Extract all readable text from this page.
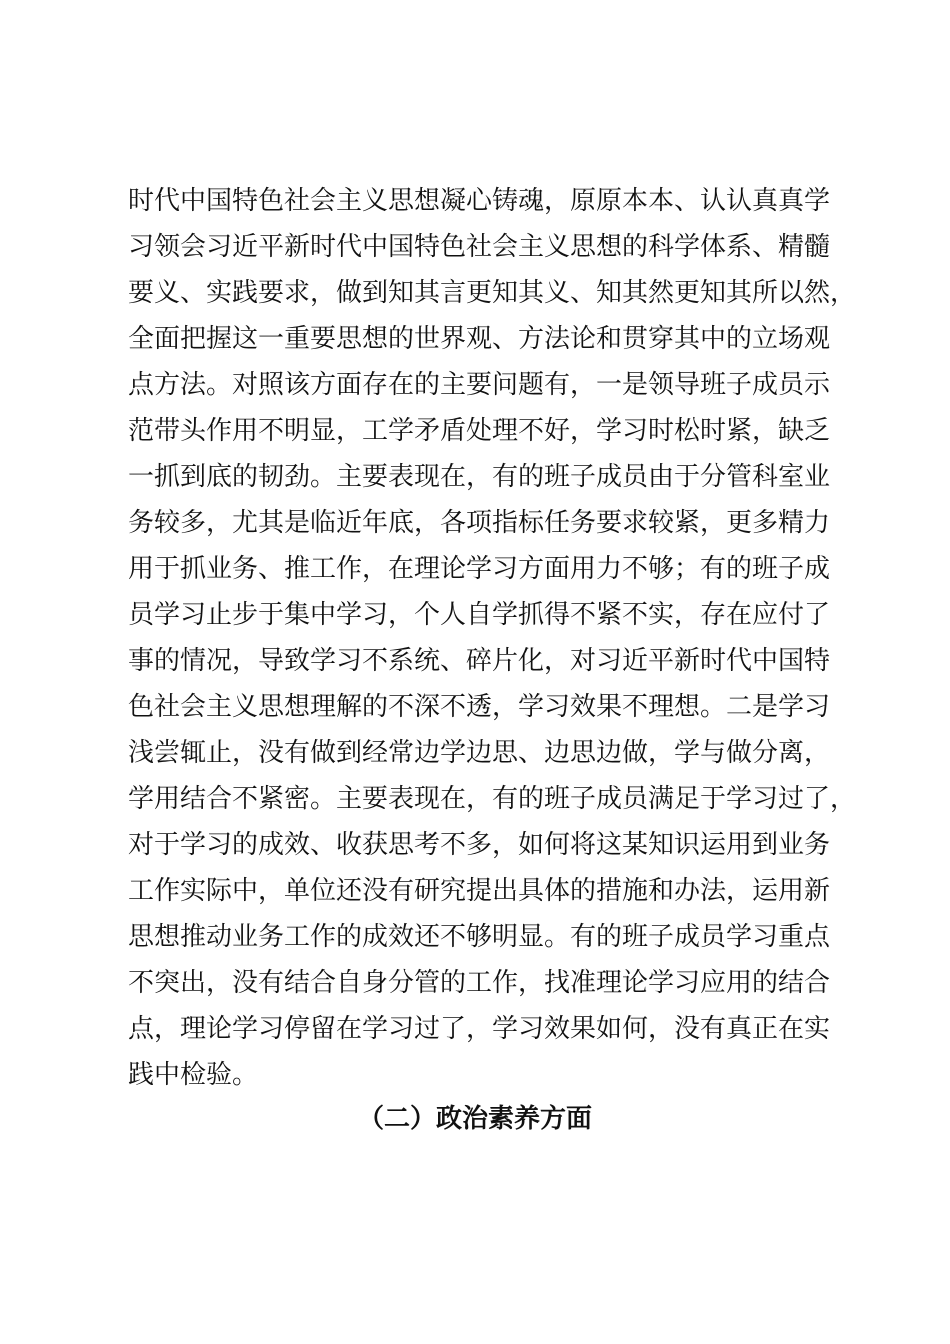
时代中国特色社会主义思想凝心铸魂，原原本本、认认真真学
习领会习近平新时代中国特色社会主义思想的科学体系、精髓
要义、实践要求，做到知其言更知其义、知其然更知其所以然，
全面把握这一重要思想的世界观、方法论和贯穿其中的立场观
点方法。对照该方面存在的主要问题有，一是领导班子成员示
范带头作用不明显，工学矛盾处理不好，学习时松时紧，缺乏
一抓到底的韧劲。主要表现在，有的班子成员由于分管科室业
务较多，尤其是临近年底，各项指标任务要求较紧，更多精力
用于抓业务、推工作，在理论学习方面用力不够；有的班子成
员学习止步于集中学习，个人自学抓得不紧不实，存在应付了
事的情况，导致学习不系统、碎片化，对习近平新时代中国特
色社会主义思想理解的不深不透，学习效果不理想。二是学习
浅尝辄止，没有做到经常边学边思、边思边做，学与做分离，
学用结合不紧密。主要表现在，有的班子成员满足于学习过了，
对于学习的成效、收获思考不多，如何将这某知识运用到业务
工作实际中，单位还没有研究提出具体的措施和办法，运用新
思想推动业务工作的成效还不够明显。有的班子成员学习重点
不突出，没有结合自身分管的工作，找准理论学习应用的结合
点，理论学习停留在学习过了，学习效果如何，没有真正在实
践中检验。
（二）政治素养方面
